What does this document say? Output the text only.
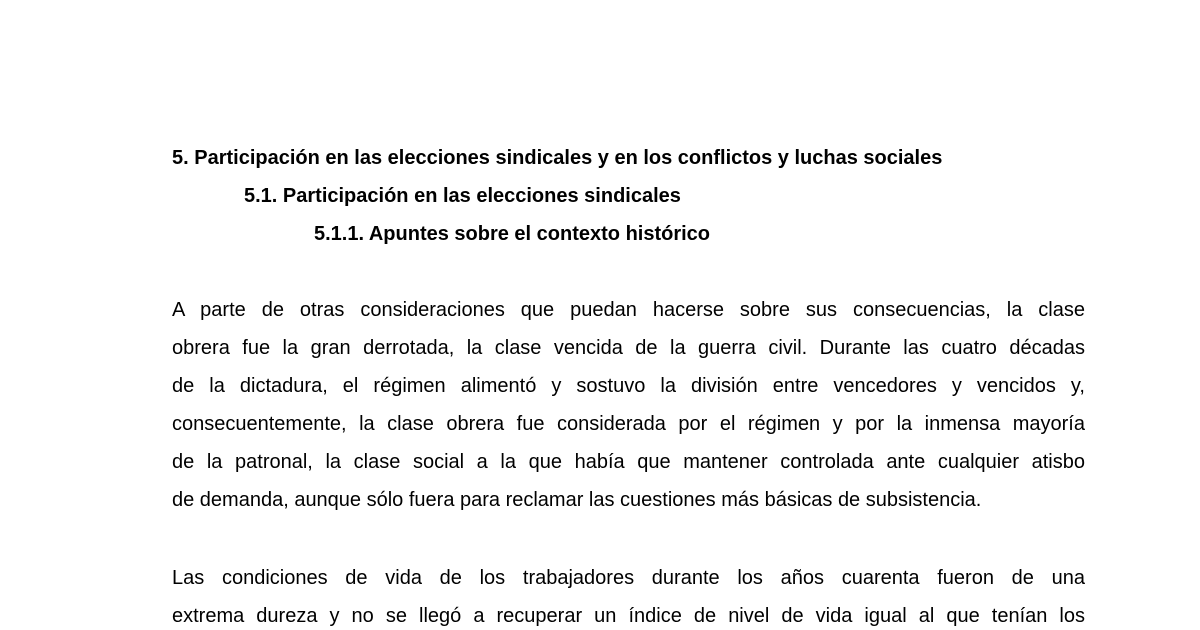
5. Participación en las elecciones sindicales y en los conflictos y luchas sociales
5.1. Participación en las elecciones sindicales
5.1.1. Apuntes sobre el contexto histórico

A parte de otras consideraciones que puedan hacerse sobre sus consecuencias, la clase
obrera fue la gran derrotada, la clase vencida de la guerra civil. Durante las cuatro décadas
de la dictadura, el régimen alimentó y sostuvo la división entre vencedores y vencidos y,
consecuentemente, la clase obrera fue considerada por el régimen y por la inmensa mayoría
de la patronal, la clase social a la que había que mantener controlada ante cualquier atisbo
de demanda, aunque sólo fuera para reclamar las cuestiones más básicas de subsistencia.

Las condiciones de vida de los trabajadores durante los años cuarenta fueron de una
extrema dureza y no se llegó a recuperar un índice de nivel de vida igual al que tenían los
